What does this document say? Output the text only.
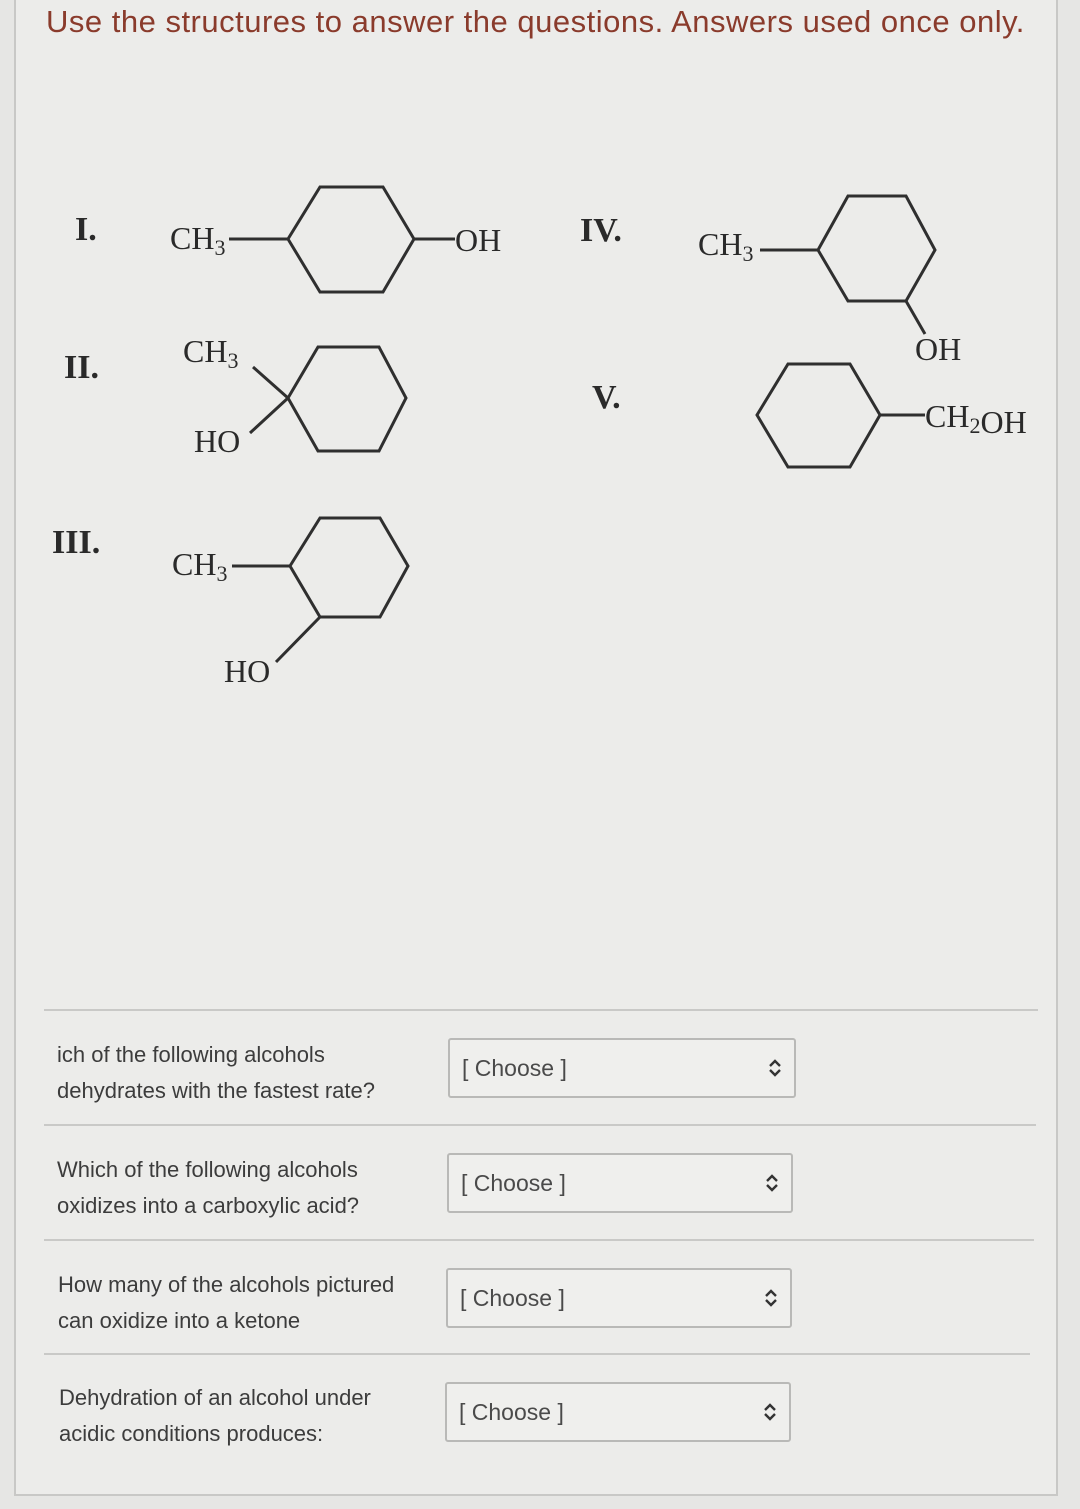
Use the structures to answer the questions. Answers used once only.
I. CH3	OH
II.	CH3
HO
III.
CH3
HO
IV. CH3
OH
V.	CH2OH
ich of the following alcohols dehydrates with the fastest rate?
[ Choose ]
Which of the following alcohols oxidizes into a carboxylic acid?
[ Choose ]
How many of the alcohols pictured can oxidize into a ketone
[ Choose ]
Dehydration of an alcohol under acidic conditions produces:
[ Choose ]
